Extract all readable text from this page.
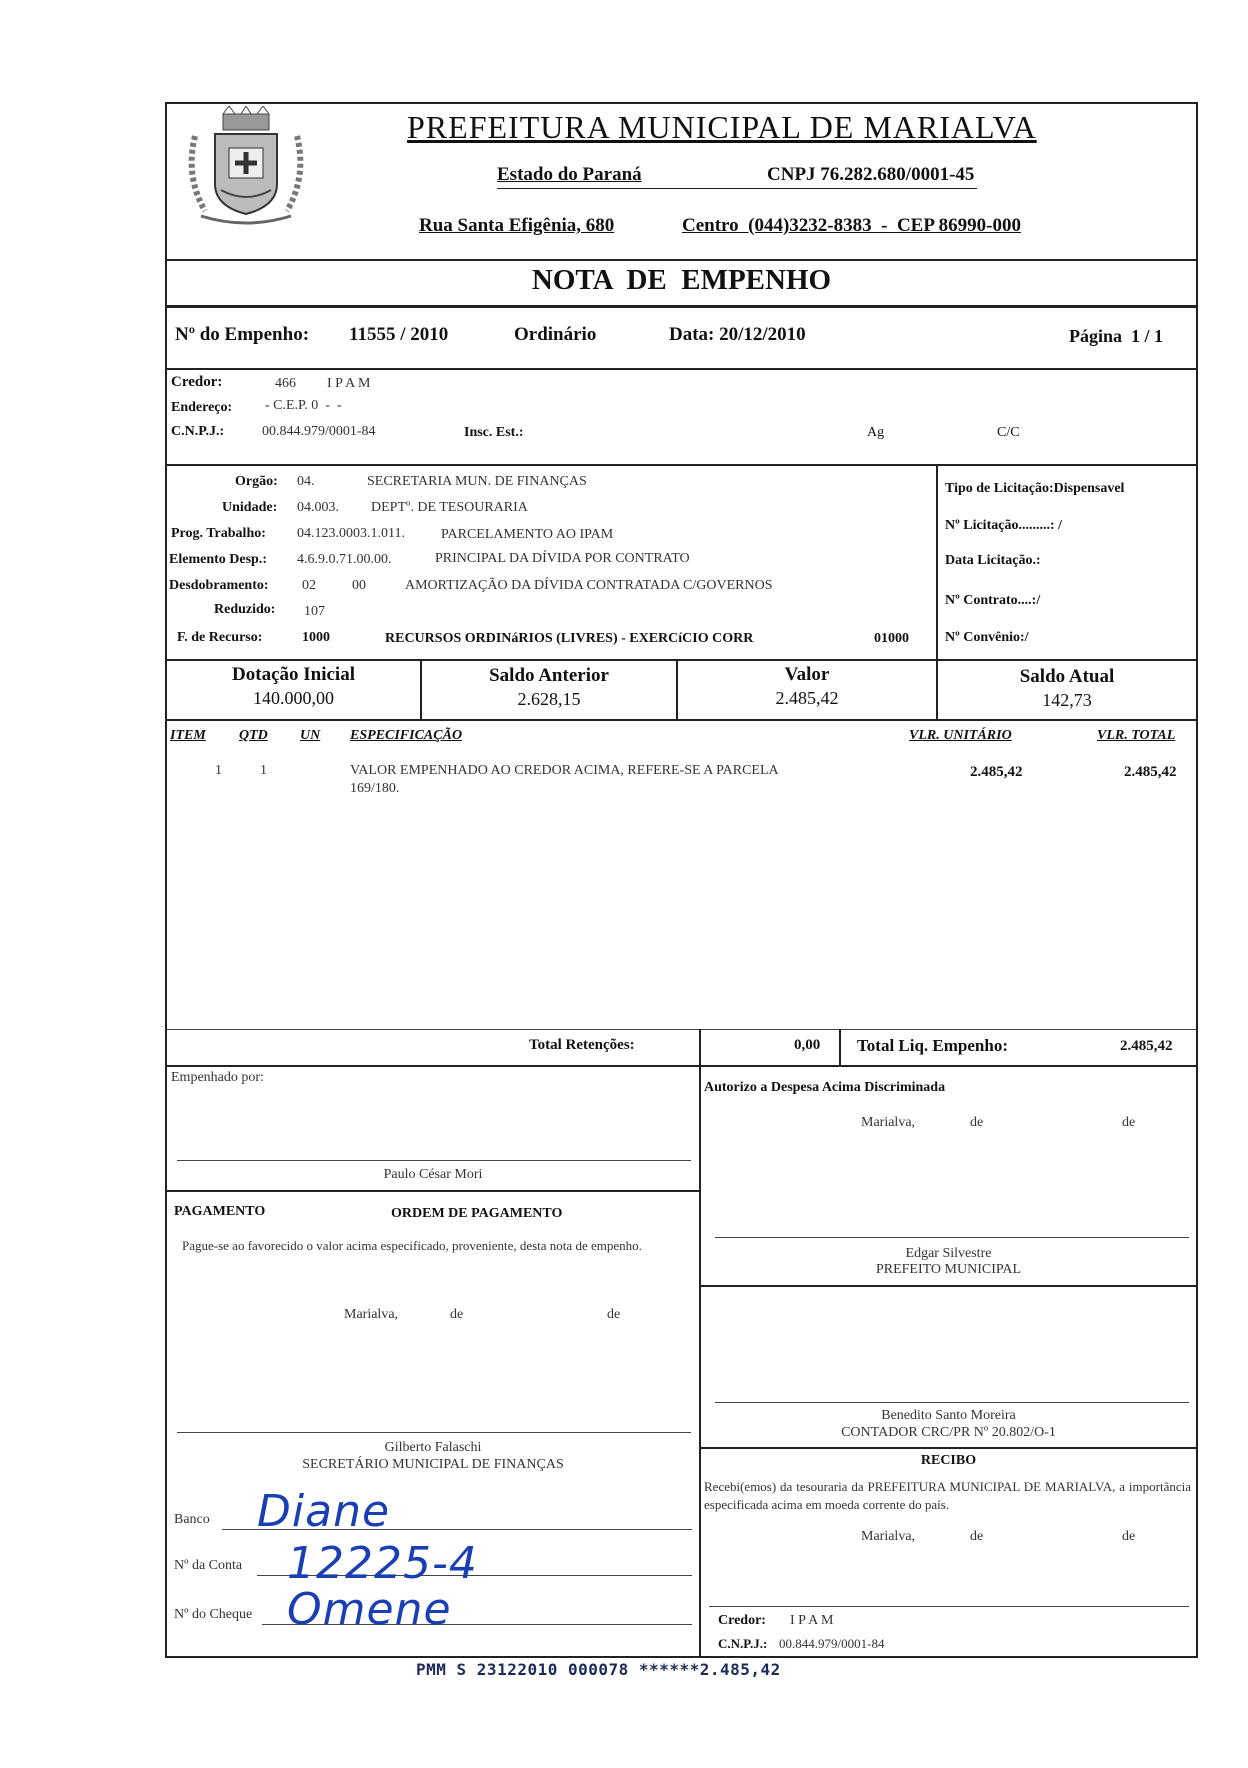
PREFEITURA MUNICIPAL DE MARIALVA
Estado do Paraná	CNPJ 76.282.680/0001-45
Rua Santa Efigênia, 680	Centro  (044)3232-8383  -  CEP 86990-000
NOTA  DE  EMPENHO
Nº do Empenho: 11555 / 2010	Ordinário	Data: 20/12/2010	Página  1 / 1
Credor:	466 I P A M
Endereço: - C.E.P. 0  -  -
C.N.P.J.:	00.844.979/0001-84	Insc. Est.:	Ag	C/C
Orgão: 04.	SECRETARIA MUN. DE FINANÇAS
Unidade: 04.003. DEPTº. DE TESOURARIA
Prog. Trabalho: 04.123.0003.1.011.	PARCELAMENTO AO IPAM
Elemento Desp.: 4.6.9.0.71.00.00.	PRINCIPAL DA DÍVIDA POR CONTRATO
Desdobramento: 02	00	AMORTIZAÇÃO DA DÍVIDA CONTRATADA C/GOVERNOS
Reduzido: 107
F. de Recurso:	1000	RECURSOS ORDINáRIOS (LIVRES) - EXERCíCIO CORR	01000
Tipo de Licitação:Dispensavel
Nº Licitação.........: /
Data Licitação.:
Nº Contrato....:/
Nº Convênio:/
Dotação Inicial
140.000,00
Saldo Anterior
2.628,15
Valor
2.485,42
Saldo Atual
142,73
ITEM QTD UN ESPECIFICAÇÃO	VLR. UNITÁRIO	VLR. TOTAL
1	1	VALOR EMPENHADO AO CREDOR ACIMA, REFERE-SE A PARCELA
169/180.
2.485,42	2.485,42
Total Retenções:	0,00 Total Liq. Empenho:	2.485,42
Empenhado por:
Paulo César Mori
PAGAMENTO	ORDEM DE PAGAMENTO
Pague-se ao favorecido o valor acima especificado, proveniente, desta nota de empenho.
Marialva,	de	de
Gilberto Falaschi
SECRETÁRIO MUNICIPAL DE FINANÇAS
Banco Diane
Nº da Conta 12225-4
Nº do Cheque Omene
Autorizo a Despesa Acima Discriminada
Marialva,	de	de
Edgar Silvestre
PREFEITO MUNICIPAL
Benedito Santo Moreira
CONTADOR CRC/PR Nº 20.802/O-1
RECIBO
Recebi(emos) da tesouraria da PREFEITURA MUNICIPAL DE MARIALVA, a importância especificada acima em moeda corrente do país.
Marialva,	de	de
Credor: I P A M
C.N.P.J.: 00.844.979/0001-84
PMM S 23122010 000078 ******2.485,42
